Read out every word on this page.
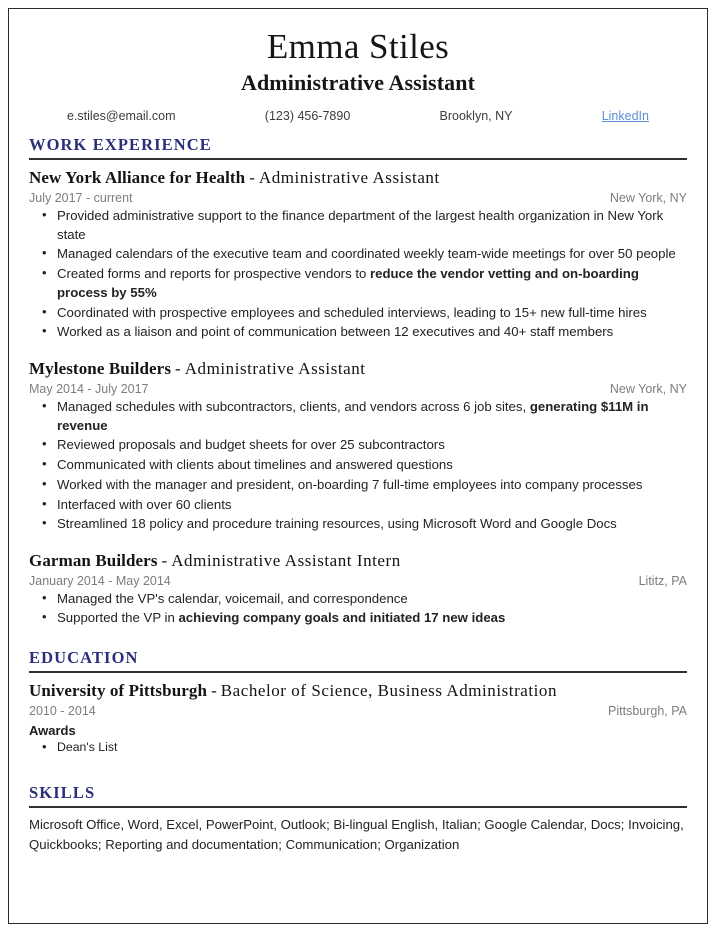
Emma Stiles
Administrative Assistant
e.stiles@email.com	(123) 456-7890	Brooklyn, NY	LinkedIn
WORK EXPERIENCE
New York Alliance for Health - Administrative Assistant
July 2017 - current	New York, NY
• Provided administrative support to the finance department of the largest health organization in New York state
• Managed calendars of the executive team and coordinated weekly team-wide meetings for over 50 people
• Created forms and reports for prospective vendors to reduce the vendor vetting and on-boarding process by 55%
• Coordinated with prospective employees and scheduled interviews, leading to 15+ new full-time hires
• Worked as a liaison and point of communication between 12 executives and 40+ staff members
Mylestone Builders - Administrative Assistant
May 2014 - July 2017	New York, NY
• Managed schedules with subcontractors, clients, and vendors across 6 job sites, generating $11M in revenue
• Reviewed proposals and budget sheets for over 25 subcontractors
• Communicated with clients about timelines and answered questions
• Worked with the manager and president, on-boarding 7 full-time employees into company processes
• Interfaced with over 60 clients
• Streamlined 18 policy and procedure training resources, using Microsoft Word and Google Docs
Garman Builders - Administrative Assistant Intern
January 2014 - May 2014	Lititz, PA
• Managed the VP's calendar, voicemail, and correspondence
• Supported the VP in achieving company goals and initiated 17 new ideas
EDUCATION
University of Pittsburgh - Bachelor of Science, Business Administration
2010 - 2014	Pittsburgh, PA
Awards
• Dean's List
SKILLS
Microsoft Office, Word, Excel, PowerPoint, Outlook; Bi-lingual English, Italian; Google Calendar, Docs; Invoicing, Quickbooks; Reporting and documentation; Communication; Organization
